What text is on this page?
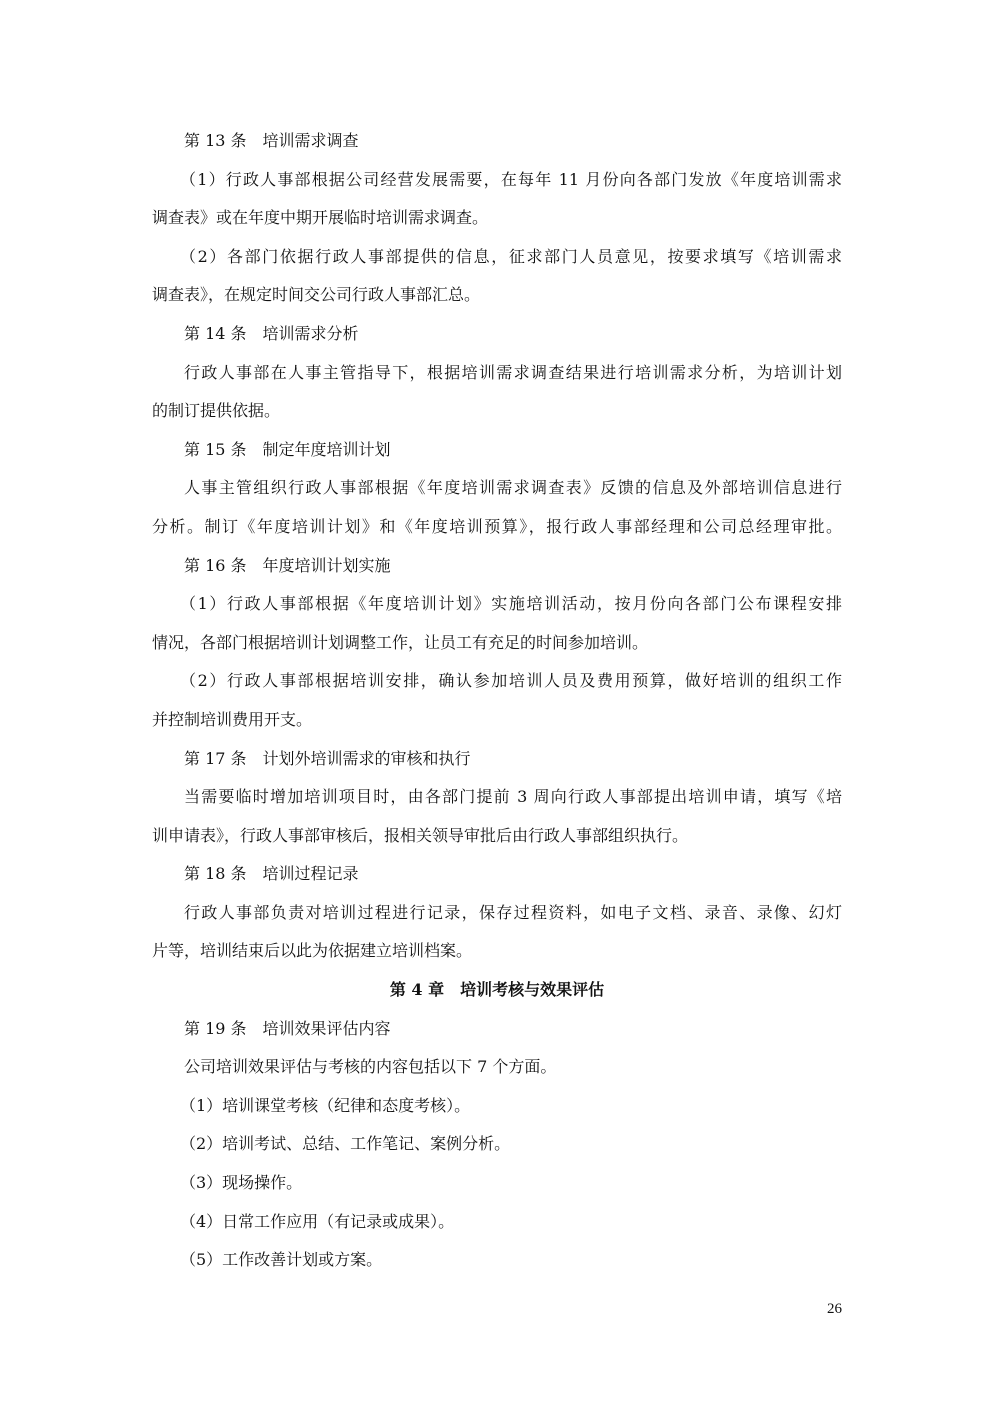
第 13 条　培训需求调查
（1）行政人事部根据公司经营发展需要，在每年 11 月份向各部门发放《年度培训需求
调查表》或在年度中期开展临时培训需求调查。
（2）各部门依据行政人事部提供的信息，征求部门人员意见，按要求填写《培训需求
调查表》，在规定时间交公司行政人事部汇总。
第 14 条　培训需求分析
行政人事部在人事主管指导下，根据培训需求调查结果进行培训需求分析，为培训计划
的制订提供依据。
第 15 条　制定年度培训计划
人事主管组织行政人事部根据《年度培训需求调查表》反馈的信息及外部培训信息进行
分析。制订《年度培训计划》和《年度培训预算》，报行政人事部经理和公司总经理审批。
第 16 条　年度培训计划实施
（1）行政人事部根据《年度培训计划》实施培训活动，按月份向各部门公布课程安排
情况，各部门根据培训计划调整工作，让员工有充足的时间参加培训。
（2）行政人事部根据培训安排，确认参加培训人员及费用预算，做好培训的组织工作
并控制培训费用开支。
第 17 条　计划外培训需求的审核和执行
当需要临时增加培训项目时，由各部门提前 3 周向行政人事部提出培训申请，填写《培
训申请表》，行政人事部审核后，报相关领导审批后由行政人事部组织执行。
第 18 条　培训过程记录
行政人事部负责对培训过程进行记录，保存过程资料，如电子文档、录音、录像、幻灯
片等，培训结束后以此为依据建立培训档案。
第 4 章　培训考核与效果评估
第 19 条　培训效果评估内容
公司培训效果评估与考核的内容包括以下 7 个方面。
（1）培训课堂考核（纪律和态度考核）。
（2）培训考试、总结、工作笔记、案例分析。
（3）现场操作。
（4）日常工作应用（有记录或成果）。
（5）工作改善计划或方案。
26
